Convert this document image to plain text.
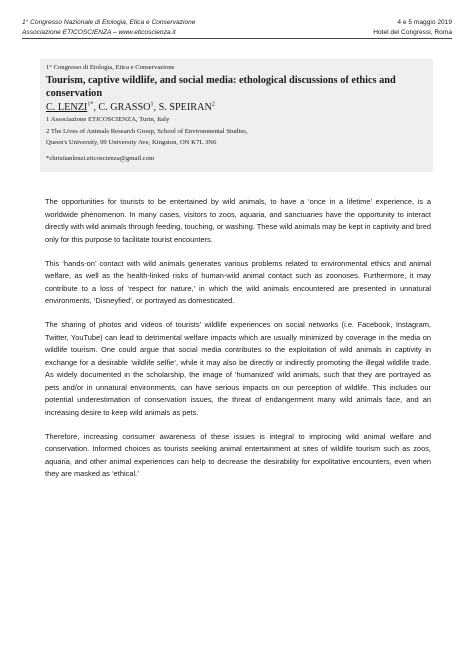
1° Congresso Nazionale di Etologia, Etica e Conservazione	4 e 5 maggio 2019
Associazione ETICOSCIENZA – www.eticoscienza.it	Hotel dei Congressi, Roma
1° Congresso di Etologia, Etica e Conservazione
Tourism, captive wildlife, and social media: ethological discussions of ethics and conservation
C. $LENZI^{1*}$, C. GRASSO$^1$, S. SPEIRAN$^2$
1 Associazione ETICOSCIENZA, Turin, Italy
2 The Lives of Animals Research Group, School of Environmental Studies,
Queen's University, 99 University Ave, Kingston, ON K7L 3N6
*christianlenzi.eticoscienza@gmail.com

The opportunities for tourists to be entertained by wild animals, to have a ‘once in a lifetime’ experience, is a worldwide phenomenon. In many cases, visitors to zoos, aquaria, and sanctuaries have the opportunity to interact directly with wild animals through feeding, touching, or washing. These wild animals may be kept in captivity and bred only for this purpose to facilitate tourist encounters.

This ‘hands-on’ contact with wild animals generates various problems related to environmental ethics and animal welfare, as well as the health-linked risks of human-wild animal contact such as zoonoses. Furthermore, it may contribute to a loss of ‘respect for nature,’ in which the wild animals encountered are presented in unnatural environments, ‘Disneyfied’, or portrayed as domesticated.

The sharing of photos and videos of tourists’ wildlife experiences on social networks (i.e. Facebook, Instagram, Twitter, YouTube) can lead to detrimental welfare impacts which are usually minimized by coverage in the media on wildlife tourism. One could argue that social media contributes to the exploitation of wild animals in captivity in exchange for a desirable ‘wildlife selfie’, while it may also be directly or indirectly promoting the illegal wildlife trade. As widely documented in the scholarship, the image of ‘humanized’ wild animals, such that they are portrayed as pets and/or in unnatural environments, can have serious impacts on our perception of wildlife. This includes our potential underestimation of conservation issues, the threat of endangerment many wild animals face, and an increasing desire to keep wild animals as pets.

Therefore, increasing consumer awareness of these issues is integral to improcing wild animal welfare and conservation. Informed choices as tourists seeking animal entertainment at sites of wildlife tourism such as zoos, aquaria, and other animal experiences can help to decrease the desirability for expolitative encounters, even when they are masked as ‘ethical.’
